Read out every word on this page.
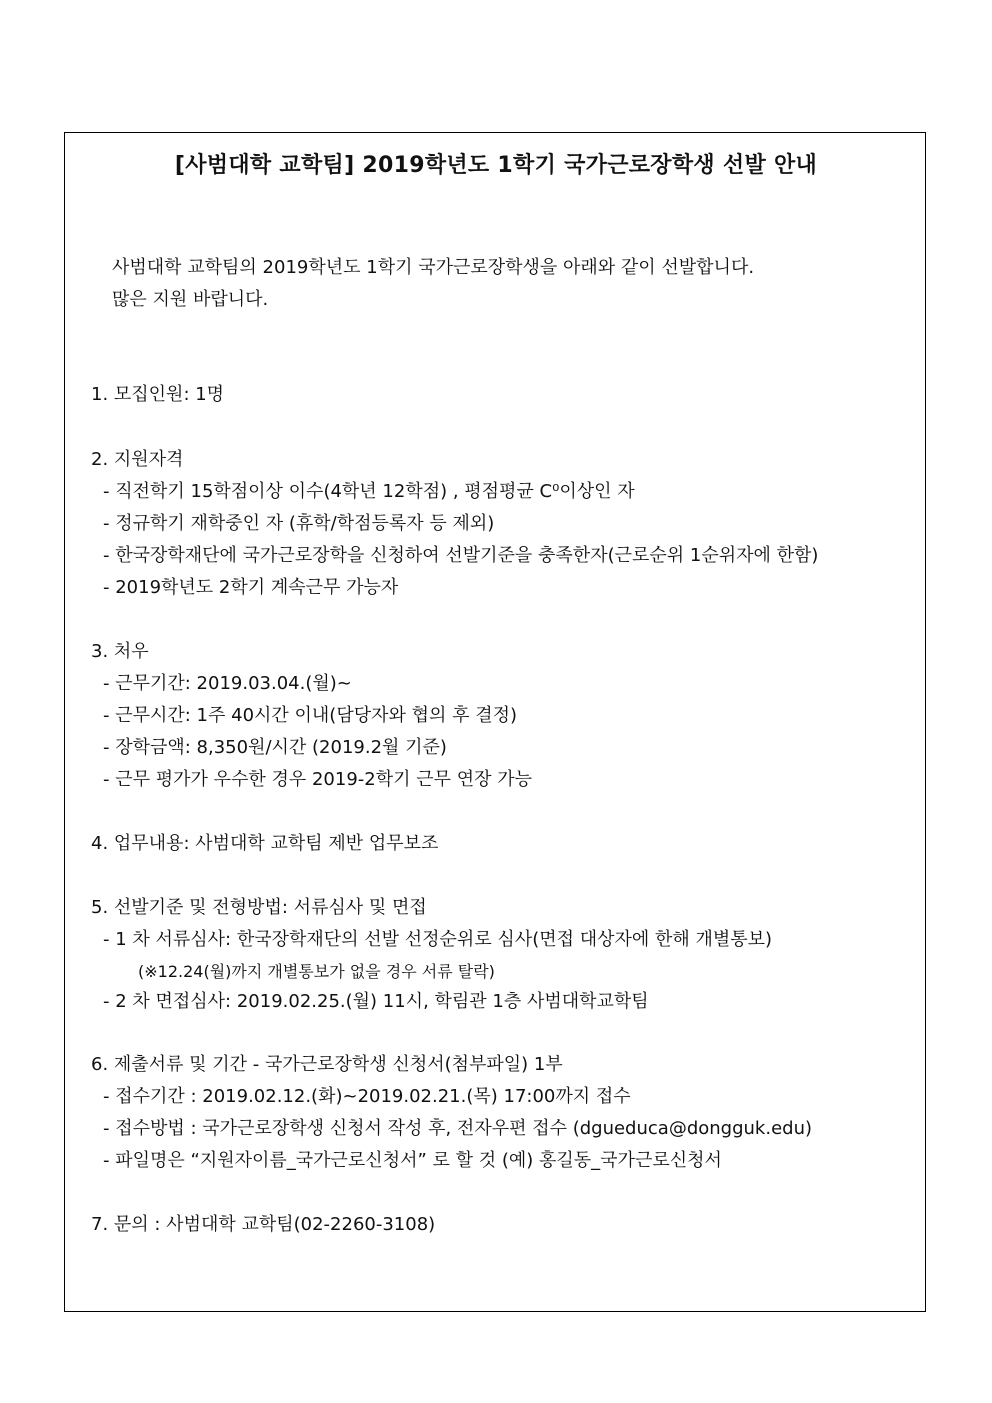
[사범대학 교학팀] 2019학년도 1학기 국가근로장학생 선발 안내
사범대학 교학팀의 2019학년도 1학기 국가근로장학생을 아래와 같이 선발합니다.
많은 지원 바랍니다.
1. 모집인원: 1명
2. 지원자격
- 직전학기 15학점이상 이수(4학년 12학점) , 평점평균 C⁰이상인 자
- 정규학기 재학중인 자 (휴학/학점등록자 등 제외)
- 한국장학재단에 국가근로장학을 신청하여 선발기준을 충족한자(근로순위 1순위자에 한함)
- 2019학년도 2학기 계속근무 가능자
3. 처우
- 근무기간: 2019.03.04.(월)~
- 근무시간: 1주 40시간 이내(담당자와 협의 후 결정)
- 장학금액: 8,350원/시간 (2019.2월 기준)
- 근무 평가가 우수한 경우 2019-2학기 근무 연장 가능
4. 업무내용: 사범대학 교학팀 제반 업무보조
5. 선발기준 및 전형방법: 서류심사 및 면접
- 1 차 서류심사: 한국장학재단의 선발 선정순위로 심사(면접 대상자에 한해 개별통보)
(※12.24(월)까지 개별통보가 없을 경우 서류 탈락)
- 2 차 면접심사: 2019.02.25.(월) 11시, 학림관 1층 사범대학교학팀
6. 제출서류 및 기간 - 국가근로장학생 신청서(첨부파일) 1부
- 접수기간 : 2019.02.12.(화)~2019.02.21.(목) 17:00까지 접수
- 접수방법 : 국가근로장학생 신청서 작성 후, 전자우편 접수 (dgueduca@dongguk.edu)
- 파일명은 “지원자이름_국가근로신청서” 로 할 것 (예) 홍길동_국가근로신청서
7. 문의 : 사범대학 교학팀(02-2260-3108)
